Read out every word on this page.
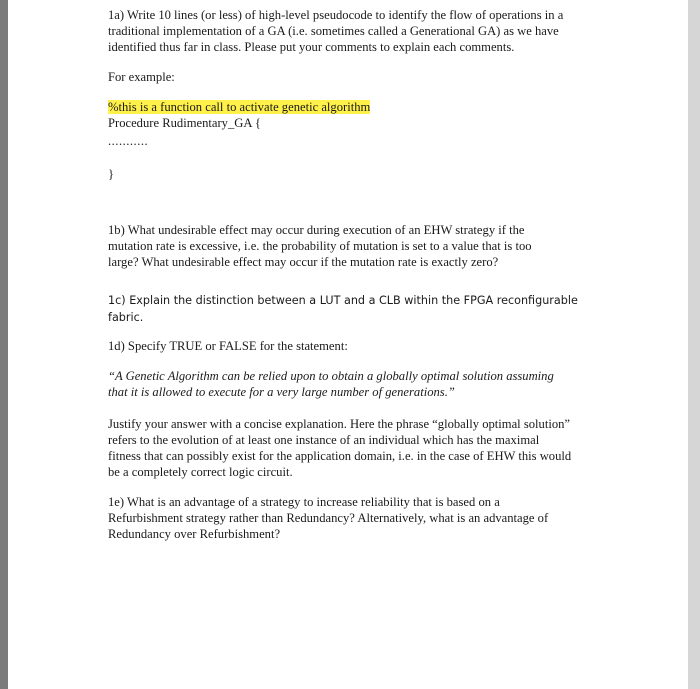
1a) Write 10 lines (or less) of high-level pseudocode to identify the flow of operations in a

traditional implementation of a GA (i.e. sometimes called a Generational GA) as we have

identified thus far in class. Please put your comments to explain each comments.

For example:

%this is a function call to activate genetic algorithm

Procedure Rudimentary_GA {

...........

}

1b) What undesirable effect may occur during execution of an EHW strategy if the

mutation rate is excessive, i.e. the probability of mutation is set to a value that is too

large? What undesirable effect may occur if the mutation rate is exactly zero?

1c) Explain the distinction between a LUT and a CLB within the FPGA reconfigurable

fabric.

1d) Specify TRUE or FALSE for the statement:

“A Genetic Algorithm can be relied upon to obtain a globally optimal solution assuming

that it is allowed to execute for a very large number of generations.”

Justify your answer with a concise explanation. Here the phrase “globally optimal solution”

refers to the evolution of at least one instance of an individual which has the maximal

fitness that can possibly exist for the application domain, i.e. in the case of EHW this would

be a completely correct logic circuit.

1e) What is an advantage of a strategy to increase reliability that is based on a

Refurbishment strategy rather than Redundancy? Alternatively, what is an advantage of

Redundancy over Refurbishment?
